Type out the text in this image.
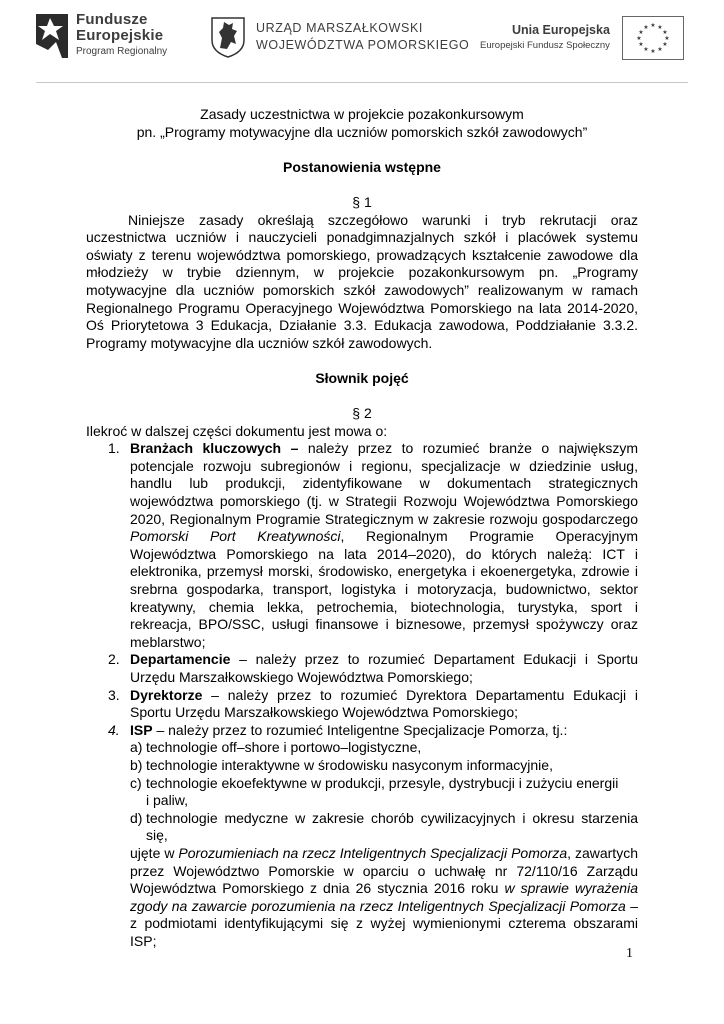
Fundusze
Europejskie
Program Regionalny
URZĄD MARSZAŁKOWSKI
WOJEWÓDZTWA POMORSKIEGO
Unia Europejska
Europejski Fundusz Społeczny
★ ★
★
★
★
★
★
★
★
★
★
★
Zasady uczestnictwa w projekcie pozakonkursowym
pn. „Programy motywacyjne dla uczniów pomorskich szkół zawodowych”
Postanowienia wstępne
§ 1
Niniejsze zasady określają szczegółowo warunki i tryb rekrutacji oraz uczestnictwa uczniów i nauczycieli ponadgimnazjalnych szkół i placówek systemu oświaty z terenu województwa pomorskiego, prowadzących kształcenie zawodowe dla młodzieży w trybie dziennym, w projekcie pozakonkursowym pn. „Programy motywacyjne dla uczniów pomorskich szkół zawodowych” realizowanym w ramach Regionalnego Programu Operacyjnego Województwa Pomorskiego na lata 2014-2020, Oś Priorytetowa 3 Edukacja, Działanie 3.3. Edukacja zawodowa, Poddziałanie 3.3.2. Programy motywacyjne dla uczniów szkół zawodowych.
Słownik pojęć
§ 2
Ilekroć w dalszej części dokumentu jest mowa o:
1. Branżach kluczowych – należy przez to rozumieć branże o największym potencjale rozwoju subregionów i regionu, specjalizacje w dziedzinie usług, handlu lub produkcji, zidentyfikowane w dokumentach strategicznych województwa pomorskiego (tj. w Strategii Rozwoju Województwa Pomorskiego 2020, Regionalnym Programie Strategicznym w zakresie rozwoju gospodarczego Pomorski Port Kreatywności, Regionalnym Programie Operacyjnym Województwa Pomorskiego na lata 2014–2020), do których należą: ICT i elektronika, przemysł morski, środowisko, energetyka i ekoenergetyka, zdrowie i srebrna gospodarka, transport, logistyka i motoryzacja, budownictwo, sektor kreatywny, chemia lekka, petrochemia, biotechnologia, turystyka, sport i rekreacja, BPO/SSC, usługi finansowe i biznesowe, przemysł spożywczy oraz meblarstwo;
2. Departamencie – należy przez to rozumieć Departament Edukacji i Sportu Urzędu Marszałkowskiego Województwa Pomorskiego;
3. Dyrektorze – należy przez to rozumieć Dyrektora Departamentu Edukacji i Sportu Urzędu Marszałkowskiego Województwa Pomorskiego;
4. ISP – należy przez to rozumieć Inteligentne Specjalizacje Pomorza, tj.:
a) technologie off–shore i portowo–logistyczne,
b) technologie interaktywne w środowisku nasyconym informacyjnie,
c) technologie ekoefektywne w produkcji, przesyle, dystrybucji i zużyciu energii
i paliw,
d) technologie medyczne w zakresie chorób cywilizacyjnych i okresu starzenia się,
ujęte w Porozumieniach na rzecz Inteligentnych Specjalizacji Pomorza, zawartych przez Województwo Pomorskie w oparciu o uchwałę nr 72/110/16 Zarządu Województwa Pomorskiego z dnia 26 stycznia 2016 roku w sprawie wyrażenia zgody na zawarcie porozumienia na rzecz Inteligentnych Specjalizacji Pomorza – z podmiotami identyfikującymi się z wyżej wymienionymi czterema obszarami ISP;
1
